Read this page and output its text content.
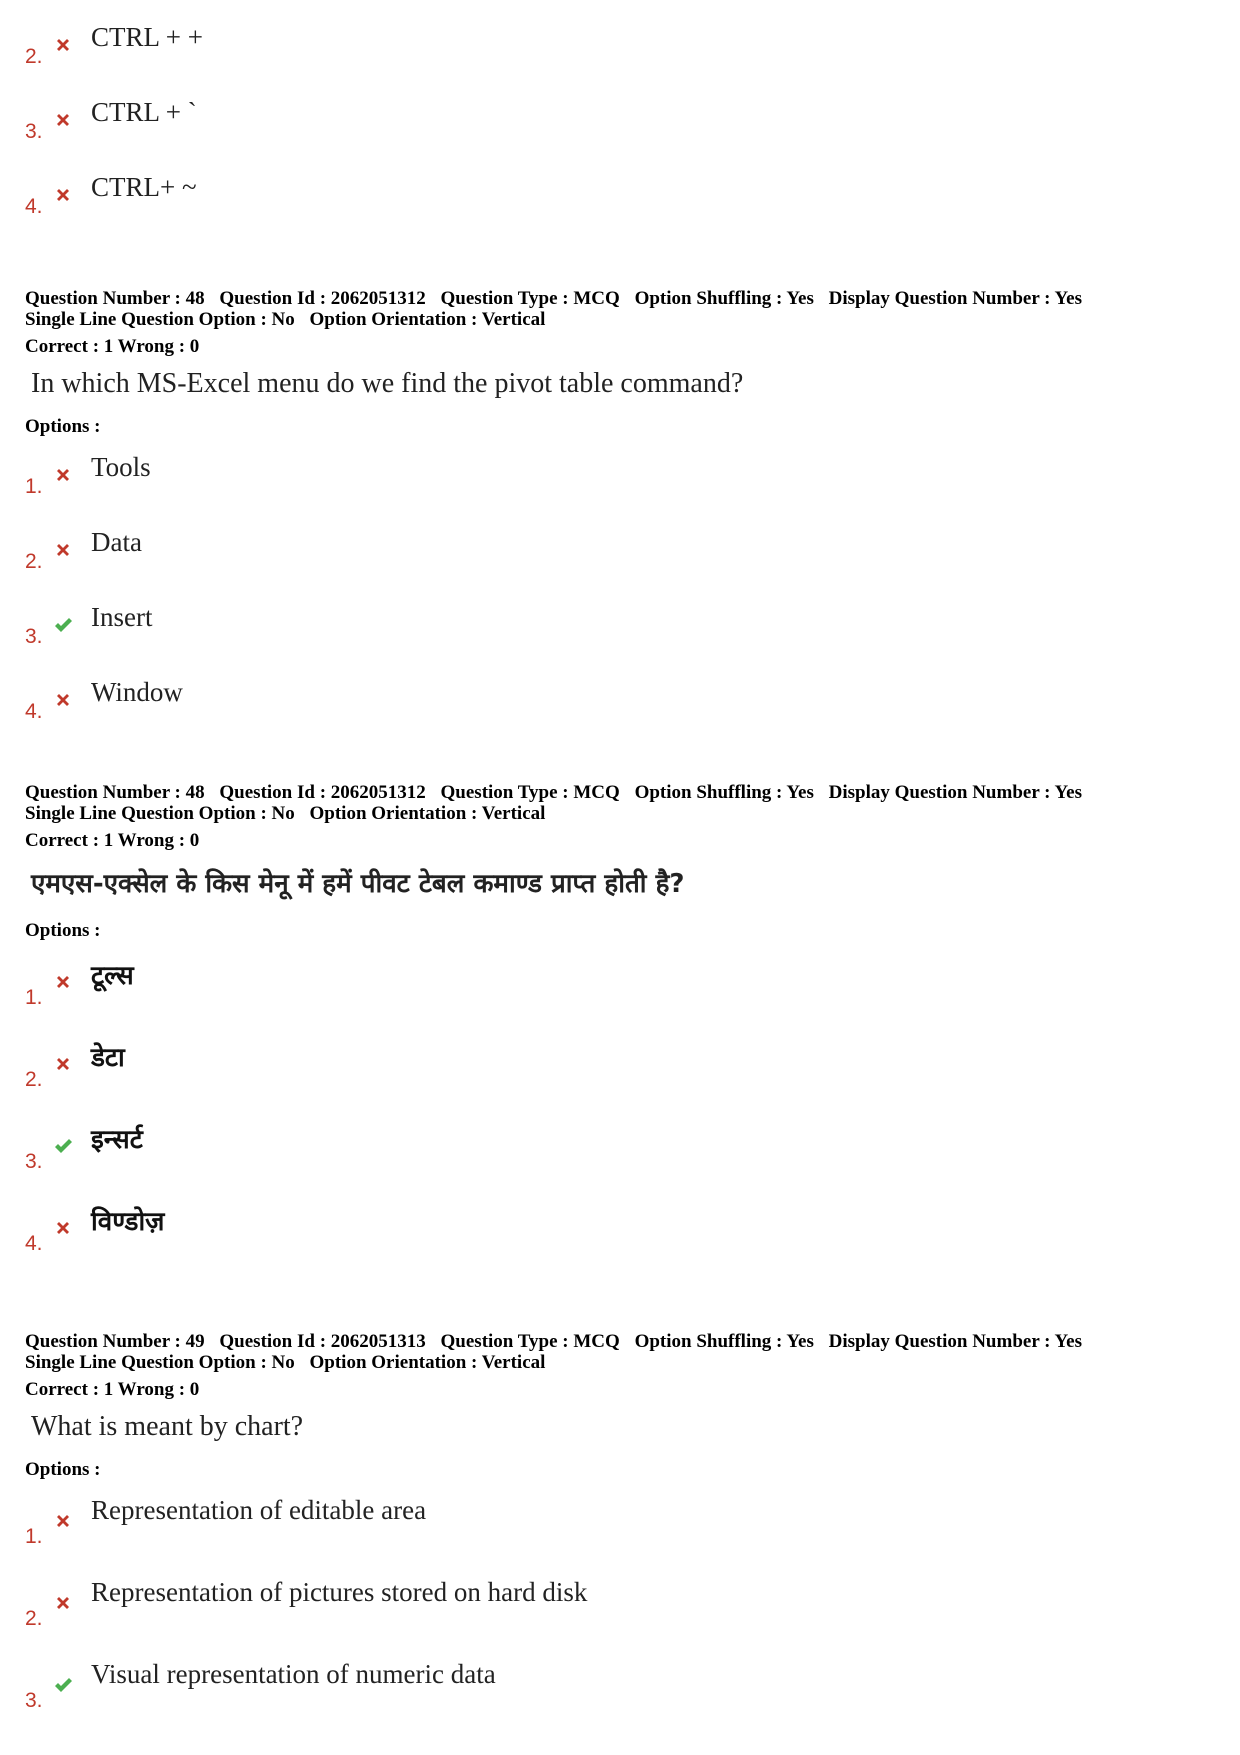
2.
CTRL + +
3.
CTRL + `
4.
CTRL+ ~
Question Number : 48 Question Id : 2062051312 Question Type : MCQ Option Shuffling : Yes Display Question Number : Yes
Single Line Question Option : No Option Orientation : Vertical
Correct : 1 Wrong : 0
In which MS-Excel menu do we find the pivot table command?
Options :
1.
Tools
2.
Data
3.
Insert
4.
Window
Question Number : 48 Question Id : 2062051312 Question Type : MCQ Option Shuffling : Yes Display Question Number : Yes
Single Line Question Option : No Option Orientation : Vertical
Correct : 1 Wrong : 0
एमएस-एक्सेल के किस मेनू में हमें पीवट टेबल कमाण्ड प्राप्त होती है?
Options :
1.
टूल्स
2.
डेटा
3.
इन्सर्ट
4.
विण्डोज़
Question Number : 49 Question Id : 2062051313 Question Type : MCQ Option Shuffling : Yes Display Question Number : Yes
Single Line Question Option : No Option Orientation : Vertical
Correct : 1 Wrong : 0
What is meant by chart?
Options :
1.
Representation of editable area
2.
Representation of pictures stored on hard disk
3.
Visual representation of numeric data
